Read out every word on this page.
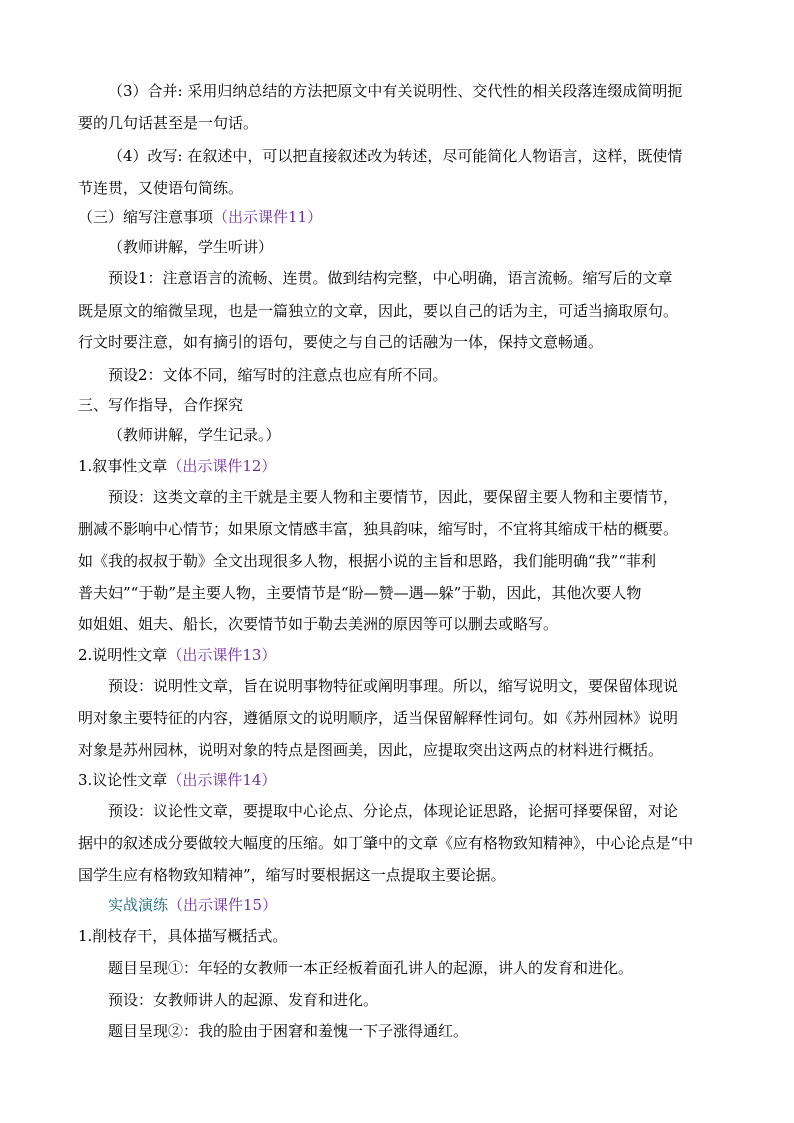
（3）合并: 采用归纳总结的方法把原文中有关说明性、交代性的相关段落连缀成简明扼
要的几句话甚至是一句话。
（4）改写: 在叙述中，可以把直接叙述改为转述，尽可能简化人物语言，这样，既使情
节连贯，又使语句简练。
（三）缩写注意事项（出示课件11）
（教师讲解，学生听讲）
预设1：注意语言的流畅、连贯。做到结构完整，中心明确，语言流畅。缩写后的文章
既是原文的缩微呈现，也是一篇独立的文章，因此，要以自己的话为主，可适当摘取原句。
行文时要注意，如有摘引的语句，要使之与自己的话融为一体，保持文意畅通。
预设2：文体不同，缩写时的注意点也应有所不同。
三、写作指导，合作探究
（教师讲解，学生记录。）
1.叙事性文章（出示课件12）
预设：这类文章的主干就是主要人物和主要情节，因此，要保留主要人物和主要情节，
删减不影响中心情节；如果原文情感丰富，独具韵味，缩写时，不宜将其缩成干枯的概要。
如《我的叔叔于勒》全文出现很多人物，根据小说的主旨和思路，我们能明确“我”“菲利
普夫妇”“于勒”是主要人物，主要情节是“盼—赞—遇—躲”于勒，因此，其他次要人物
如姐姐、姐夫、船长，次要情节如于勒去美洲的原因等可以删去或略写。
2.说明性文章（出示课件13）
预设：说明性文章，旨在说明事物特征或阐明事理。所以，缩写说明文，要保留体现说
明对象主要特征的内容，遵循原文的说明顺序，适当保留解释性词句。如《苏州园林》说明
对象是苏州园林，说明对象的特点是图画美，因此，应提取突出这两点的材料进行概括。
3.议论性文章（出示课件14）
预设：议论性文章，要提取中心论点、分论点，体现论证思路，论据可择要保留，对论
据中的叙述成分要做较大幅度的压缩。如丁肇中的文章《应有格物致知精神》，中心论点是“中
国学生应有格物致知精神”，缩写时要根据这一点提取主要论据。
实战演练（出示课件15）
1.削枝存干，具体描写概括式。
题目呈现①：年轻的女教师一本正经板着面孔讲人的起源，讲人的发育和进化。
预设：女教师讲人的起源、发育和进化。
题目呈现②：我的脸由于困窘和羞愧一下子涨得通红。
